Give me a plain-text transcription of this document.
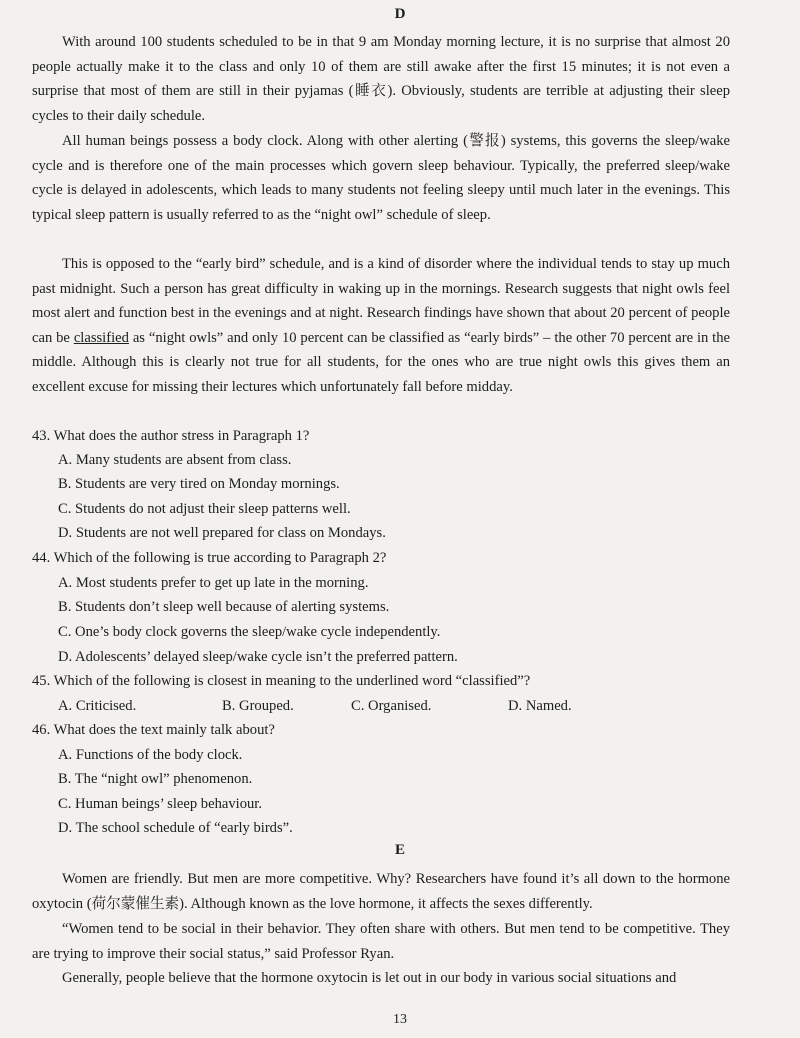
D
With around 100 students scheduled to be in that 9 am Monday morning lecture, it is no surprise that almost 20 people actually make it to the class and only 10 of them are still awake after the first 15 minutes; it is not even a surprise that most of them are still in their pyjamas (睡衣). Obviously, students are terrible at adjusting their sleep cycles to their daily schedule.
All human beings possess a body clock. Along with other alerting (警报) systems, this governs the sleep/wake cycle and is therefore one of the main processes which govern sleep behaviour. Typically, the preferred sleep/wake cycle is delayed in adolescents, which leads to many students not feeling sleepy until much later in the evenings. This typical sleep pattern is usually referred to as the “night owl” schedule of sleep.
This is opposed to the “early bird” schedule, and is a kind of disorder where the individual tends to stay up much past midnight. Such a person has great difficulty in waking up in the mornings. Research suggests that night owls feel most alert and function best in the evenings and at night. Research findings have shown that about 20 percent of people can be classified as “night owls” and only 10 percent can be classified as “early birds” – the other 70 percent are in the middle. Although this is clearly not true for all students, for the ones who are true night owls this gives them an excellent excuse for missing their lectures which unfortunately fall before midday.
43. What does the author stress in Paragraph 1?
A. Many students are absent from class.
B. Students are very tired on Monday mornings.
C. Students do not adjust their sleep patterns well.
D. Students are not well prepared for class on Mondays.
44. Which of the following is true according to Paragraph 2?
A. Most students prefer to get up late in the morning.
B. Students don’t sleep well because of alerting systems.
C. One’s body clock governs the sleep/wake cycle independently.
D. Adolescents’ delayed sleep/wake cycle isn’t the preferred pattern.
45. Which of the following is closest in meaning to the underlined word “classified”?
A. Criticised.	B. Grouped.	C. Organised.	D. Named.
46. What does the text mainly talk about?
A. Functions of the body clock.
B. The “night owl” phenomenon.
C. Human beings’ sleep behaviour.
D. The school schedule of “early birds”.
E
Women are friendly. But men are more competitive. Why? Researchers have found it’s all down to the hormone oxytocin (荷尔蒙催生素). Although known as the love hormone, it affects the sexes differently.
“Women tend to be social in their behavior. They often share with others. But men tend to be competitive. They are trying to improve their social status,” said Professor Ryan.
Generally, people believe that the hormone oxytocin is let out in our body in various social situations and
13
